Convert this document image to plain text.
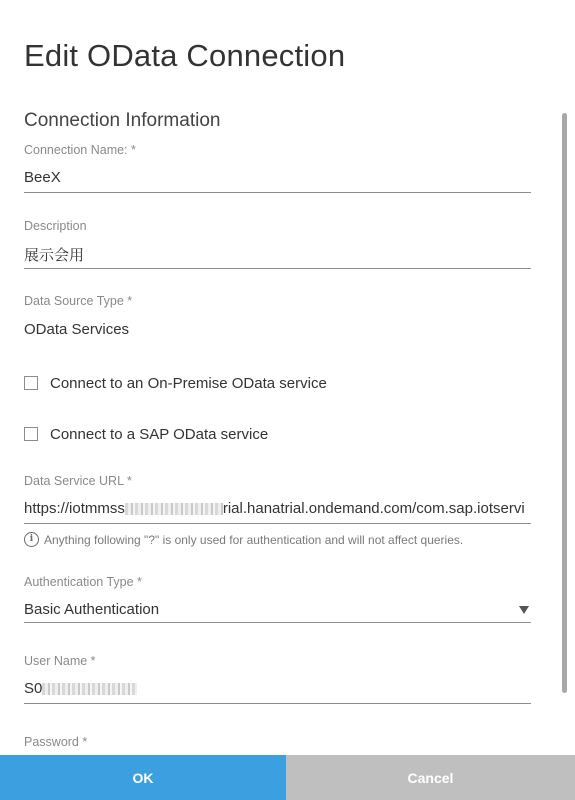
Edit OData Connection
Connection Information
Connection Name: *
BeeX
Description
展示会用
Data Source Type *
OData Services
Connect to an On-Premise OData service
Connect to a SAP OData service
Data Service URL *
https://iotmmss	rial.hanatrial.ondemand.com/com.sap.iotservi
i Anything following "?" is only used for authentication and will not affect queries.
Authentication Type *
Basic Authentication
User Name *
S0
Password *
OK	Cancel
